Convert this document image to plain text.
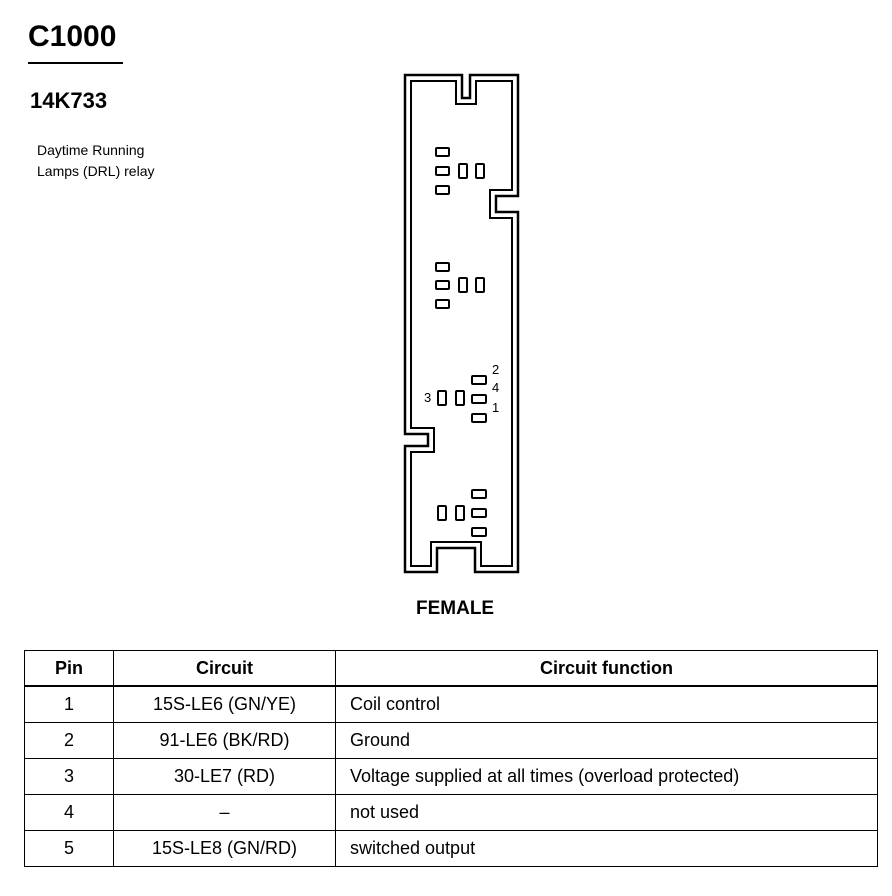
C1000
14K733
Daytime Running
Lamps (DRL) relay
2
4
1
3
FEMALE
Pin	Circuit	Circuit function
1	15S-LE6 (GN/YE)	Coil control
2	91-LE6 (BK/RD)	Ground
3	30-LE7 (RD)	Voltage supplied at all times (overload protected)
4	–	not used
5	15S-LE8 (GN/RD)	switched output
